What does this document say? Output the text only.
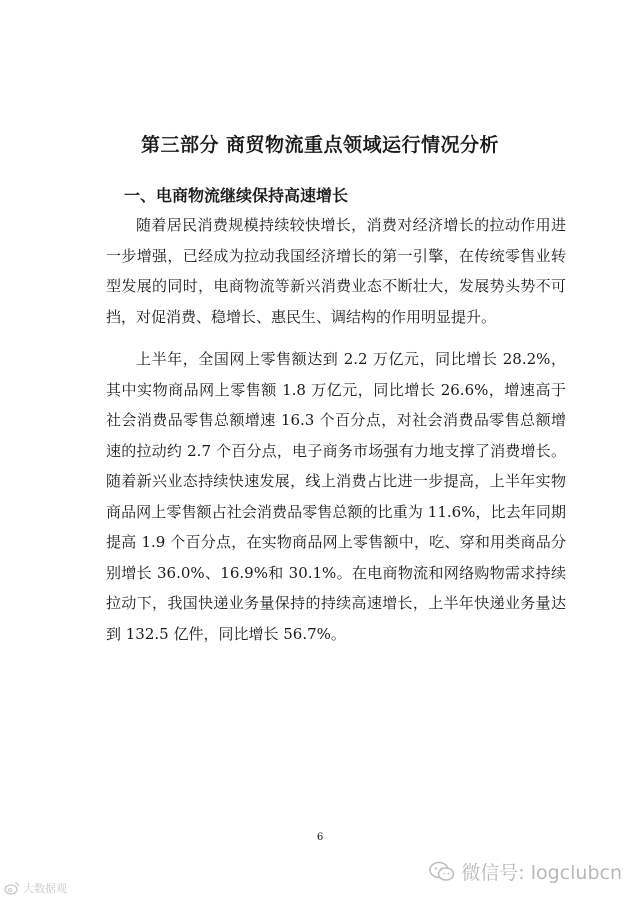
第三部分 商贸物流重点领域运行情况分析
一、电商物流继续保持高速增长

随着居民消费规模持续较快增长，消费对经济增长的拉动作用进一步增强，已经成为拉动我国经济增长的第一引擎，在传统零售业转型发展的同时，电商物流等新兴消费业态不断壮大，发展势头势不可挡，对促消费、稳增长、惠民生、调结构的作用明显提升。

上半年，全国网上零售额达到 2.2 万亿元，同比增长 28.2%，其中实物商品网上零售额 1.8 万亿元，同比增长 26.6%，增速高于社会消费品零售总额增速 16.3 个百分点，对社会消费品零售总额增速的拉动约 2.7 个百分点，电子商务市场强有力地支撑了消费增长。随着新兴业态持续快速发展，线上消费占比进一步提高，上半年实物商品网上零售额占社会消费品零售总额的比重为 11.6%，比去年同期提高 1.9 个百分点，在实物商品网上零售额中，吃、穿和用类商品分别增长 36.0%、16.9%和 30.1%。在电商物流和网络购物需求持续拉动下，我国快递业务量保持的持续高速增长，上半年快递业务量达到 132.5 亿件，同比增长 56.7%。

6
微信号: logclubcn
大数据观
